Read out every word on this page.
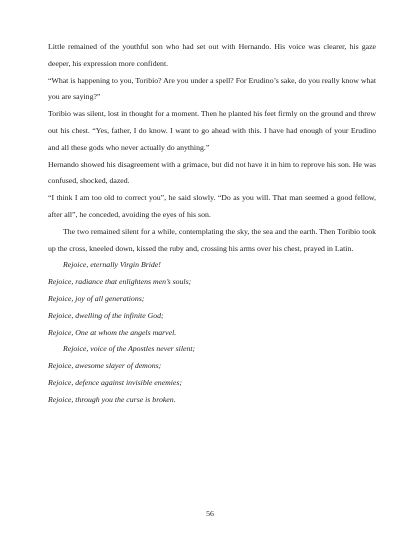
Little remained of the youthful son who had set out with Hernando. His voice was clearer, his gaze deeper, his expression more confident.

“What is happening to you, Toribio? Are you under a spell? For Erudino’s sake, do you really know what you are saying?”

Toribio was silent, lost in thought for a moment. Then he planted his feet firmly on the ground and threw out his chest. “Yes, father, I do know. I want to go ahead with this. I have had enough of your Erudino and all these gods who never actually do anything.”

Hernando showed his disagreement with a grimace, but did not have it in him to reprove his son. He was confused, shocked, dazed.

“I think I am too old to correct you”, he said slowly. “Do as you will. That man seemed a good fellow, after all”, he conceded, avoiding the eyes of his son.

The two remained silent for a while, contemplating the sky, the sea and the earth. Then Toribio took up the cross, kneeled down, kissed the ruby and, crossing his arms over his chest, prayed in Latin.

Rejoice, eternally Virgin Bride!

Rejoice, radiance that enlightens men’s souls;

Rejoice, joy of all generations;

Rejoice, dwelling of the infinite God;

Rejoice, One at whom the angels marvel.

Rejoice, voice of the Apostles never silent;

Rejoice, awesome slayer of demons;

Rejoice, defence against invisible enemies;

Rejoice, through you the curse is broken.

56
